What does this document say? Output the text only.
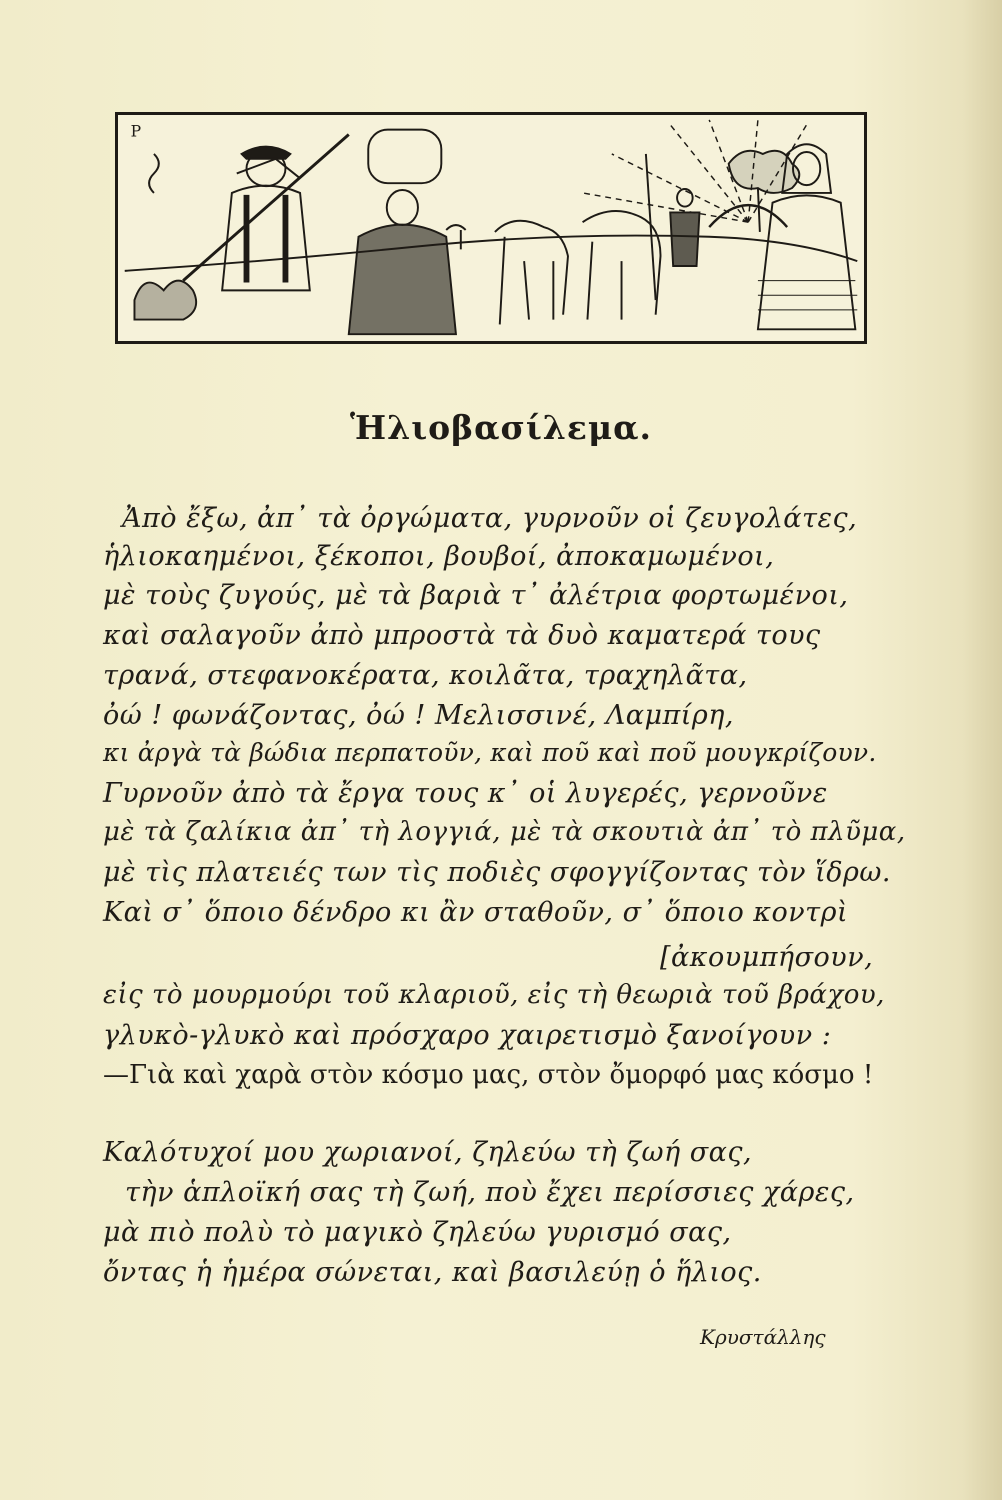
P
Ἡλιοβασίλεμα.
Ἀπὸ ἔξω, ἀπ᾿ τὰ ὀργώματα, γυρνοῦν οἱ ζευγολάτες,
ἡλιοκαημένοι, ξέκοποι, βουβοί, ἀποκαμωμένοι,
μὲ τοὺς ζυγούς, μὲ τὰ βαριὰ τ᾿ ἀλέτρια φορτωμένοι,
καὶ σαλαγοῦν ἀπὸ μπροστὰ τὰ δυὸ καματερά τους
τρανά, στεφανοκέρατα, κοιλᾶτα, τραχηλᾶτα,
ὀώ ! φωνάζοντας, ὀώ ! Μελισσινέ, Λαμπίρη,
κι ἀργὰ τὰ βώδια περπατοῦν, καὶ ποῦ καὶ ποῦ μουγκρίζουν.
Γυρνοῦν ἀπὸ τὰ ἔργα τους κ᾿ οἱ λυγερές, γερνοῦνε
μὲ τὰ ζαλίκια ἀπ᾿ τὴ λογγιά, μὲ τὰ σκουτιὰ ἀπ᾿ τὸ πλῦμα,
μὲ τὶς πλατειές των τὶς ποδιὲς σφογγίζοντας τὸν ἵδρω.
Καὶ σ᾿ ὅποιο δένδρο κι ἂν σταθοῦν, σ᾿ ὅποιο κοντρὶ
[ἀκουμπήσουν,
εἰς τὸ μουρμούρι τοῦ κλαριοῦ, εἰς τὴ θεωριὰ τοῦ βράχου,
γλυκὸ-γλυκὸ καὶ πρόσχαρο χαιρετισμὸ ξανοίγουν :
—Γιὰ καὶ χαρὰ στὸν κόσμο μας, στὸν ὄμορφό μας κόσμο !
Καλότυχοί μου χωριανοί, ζηλεύω τὴ ζωή σας,
τὴν ἁπλοϊκή σας τὴ ζωή, ποὺ ἔχει περίσσιες χάρες,
μὰ πιὸ πολὺ τὸ μαγικὸ ζηλεύω γυρισμό σας,
ὄντας ἡ ἡμέρα σώνεται, καὶ βασιλεύῃ ὁ ἥλιος.
Κρυστάλλης
